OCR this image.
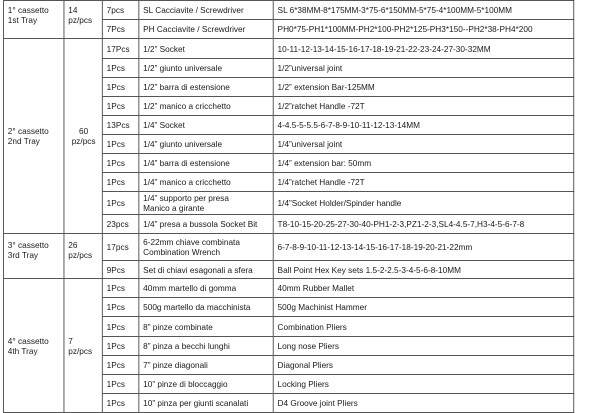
1° cassetto
1st Tray	14
pz/pcs	7pcs	SL Cacciavite / Screwdriver	SL 6*38MM-8*175MM-3*75-6*150MM-5*75-4*100MM-5*100MM

		7Pcs	PH Cacciavite / Screwdriver	PH0*75-PH1*100MM-PH2*100-PH2*125-PH3*150--PH2*38-PH4*200

2° cassetto
2nd Tray	60
pz/pcs	17Pcs	1/2” Socket	10-11-12-13-14-15-16-17-18-19-21-22-23-24-27-30-32MM

		1Pcs	1/2” giunto universale	1/2”universal joint

		1Pcs	1/2” barra di estensione	1/2” extension Bar-125MM

		1Pcs	1/2” manico a cricchetto	1/2”ratchet Handle -72T

		13Pcs	1/4” Socket	4-4.5-5-5.5-6-7-8-9-10-11-12-13-14MM

		1Pcs	1/4” giunto universale	1/4”universal joint

		1Pcs	1/4” barra di estensione	1/4” extension bar: 50mm

		1Pcs	1/4” manico a cricchetto	1/4”ratchet Handle -72T

		1Pcs	1/4” supporto per presa
Manico a girante	1/4”Socket Holder/Spinder handle

		23pcs	1/4” presa a bussola Socket Bit	T8-10-15-20-25-27-30-40-PH1-2-3,PZ1-2-3,SL4-4.5-7,H3-4-5-6-7-8

3° cassetto
3rd Tray	26
pz/pcs	17pcs	6-22mm chiave combinata
Combination Wrench	6-7-8-9-10-11-12-13-14-15-16-17-18-19-20-21-22mm

		9Pcs	Set di chiavi esagonali a sfera	Ball Point Hex Key sets 1.5-2-2.5-3-4-5-6-8-10MM

4° cassetto
4th Tray	7
pz/pcs	1Pcs	40mm martello di gomma	40mm Rubber Mallet

		1Pcs	500g martello da macchinista	500g Machinist Hammer

		1Pcs	8” pinze combinate	Combination Pliers

		1Pcs	8” pinza a becchi lunghi	Long nose Pliers

		1Pcs	7” pinze diagonali	Diagonal Pliers

		1Pcs	10” pinze di bloccaggio	Locking Pliers

		1Pcs	10” pinza per giunti scanalati	D4 Groove joint Pliers
